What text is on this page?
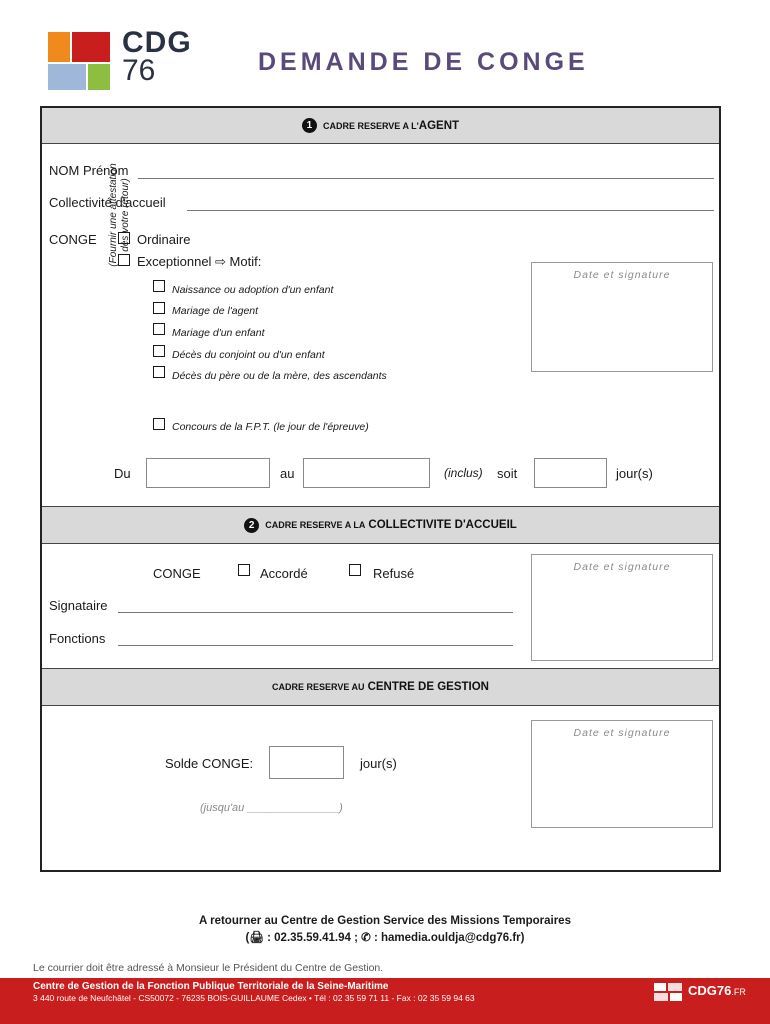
CDG
76	DEMANDE DE CONGE
1	CADRE RESERVE A L' AGENT
NOM Prénom
Collectivité d'accueil
CONGE	Ordinaire
Exceptionnel ⇨ Motif:
(Fournir une attestation dès votre retour)
Naissance ou adoption d'un enfant
Mariage de l'agent
Mariage d'un enfant
Décès du conjoint ou d'un enfant
Décès du père ou de la mère, des ascendants
Concours de la F.P.T. (le jour de l'épreuve)
Date et signature
Du	au	(inclus) soit	jour(s)
2	CADRE RESERVE A LA COLLECTIVITE D'ACCUEIL
CONGE	Accordé	Refusé
Signataire
Fonctions
Date et signature
CADRE RESERVE AU CENTRE DE GESTION
Solde CONGE:	jour(s)
(jusqu'au _______________)
Date et signature
A retourner au Centre de Gestion Service des Missions Temporaires
(🖨 : 02.35.59.41.94 ; ✆ : hamedia.ouldja@cdg76.fr)
Le courrier doit être adressé à Monsieur le Président du Centre de Gestion.
Centre de Gestion de la Fonction Publique Territoriale de la Seine-Maritime
3 440 route de Neufchâtel - CS50072 - 76235 BOIS-GUILLAUME Cedex • Tél : 02 35 59 71 11 - Fax : 02 35 59 94 63	CDG76.FR
